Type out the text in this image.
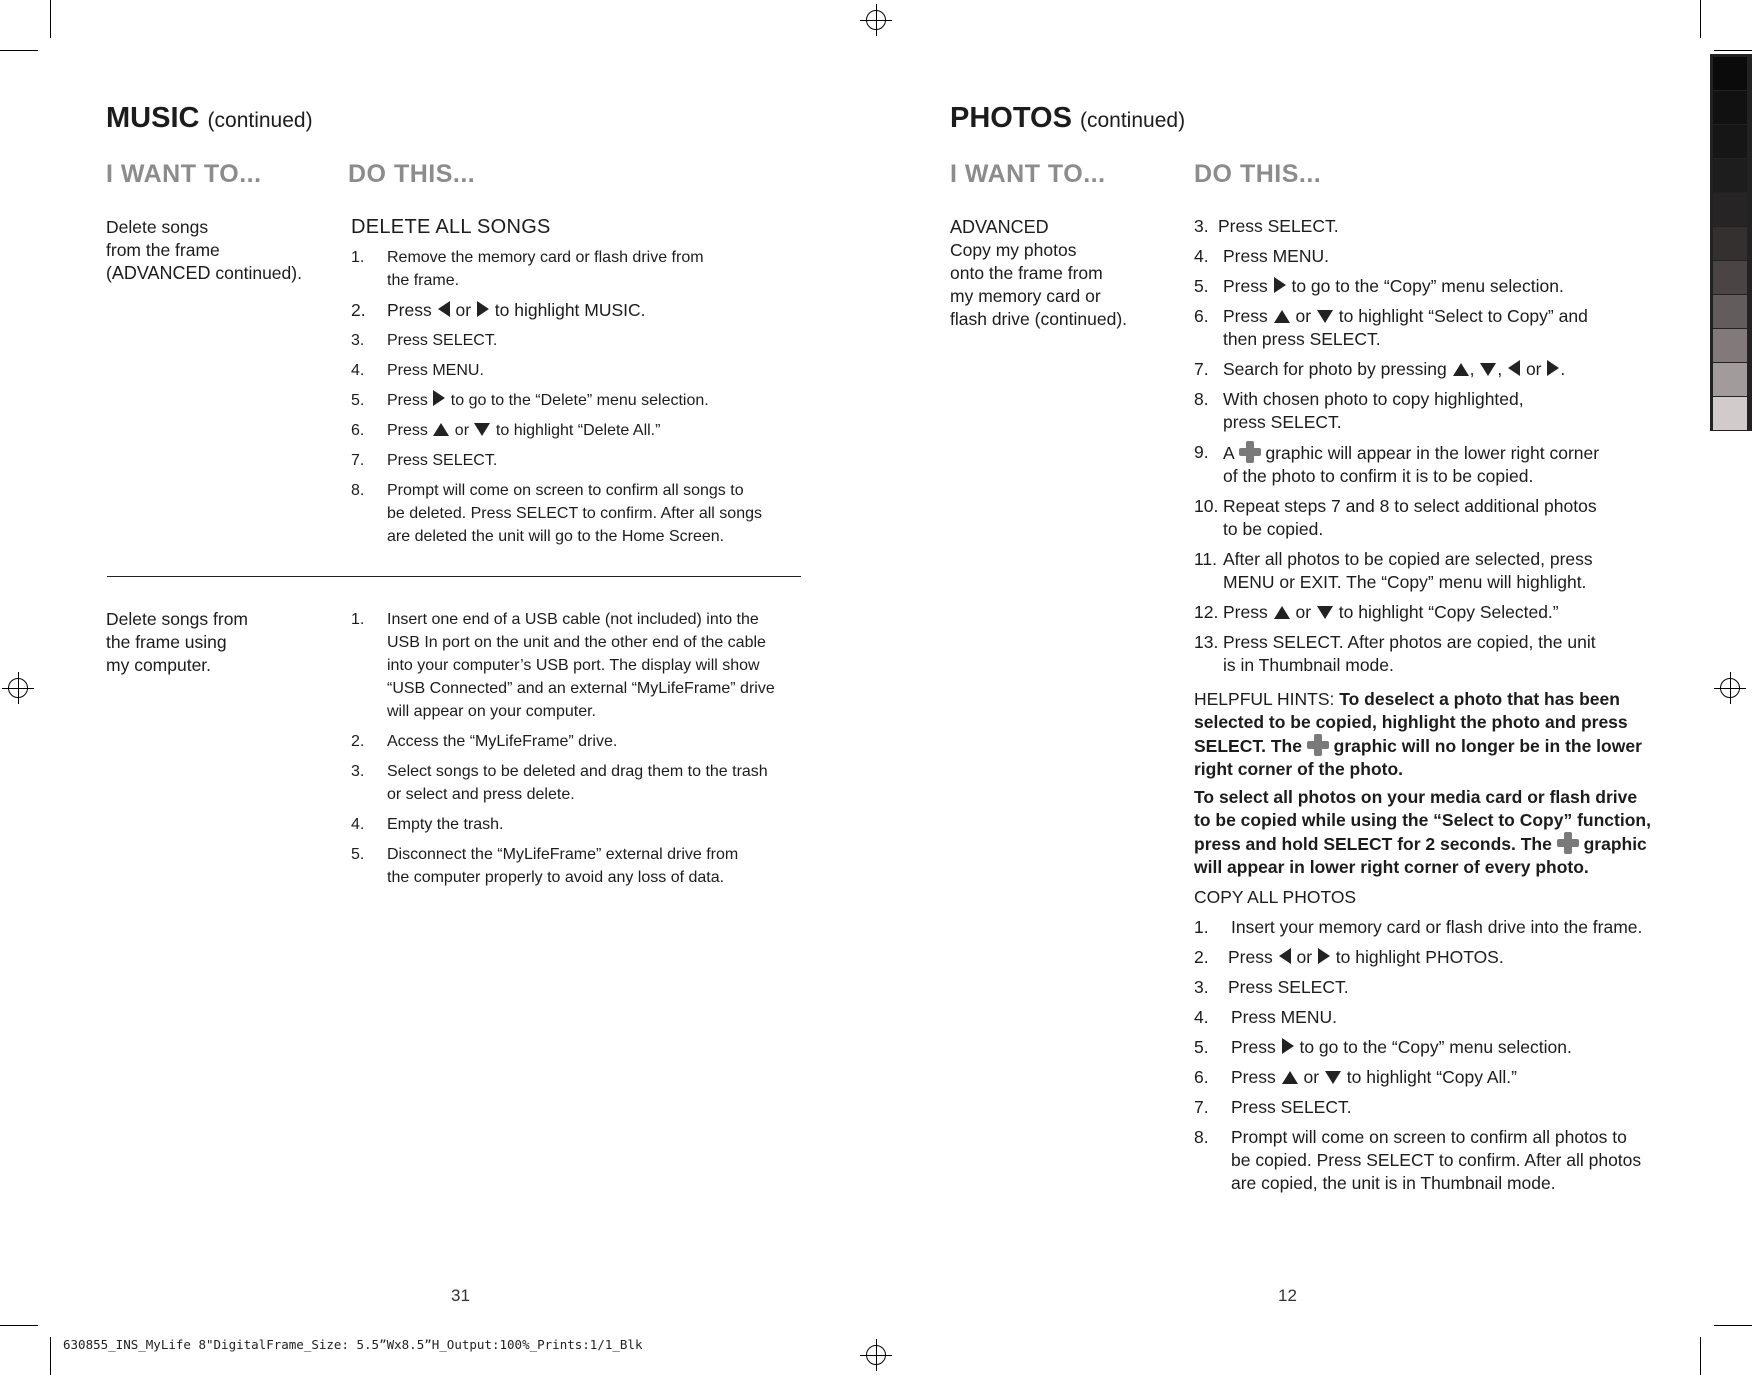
MUSIC (continued)
I WANT TO...	DO THIS...
Delete songs
from the frame
(ADVANCED continued).
DELETE ALL SONGS
1.	Remove the memory card or flash drive from
the frame.
2.	Press  or  to highlight MUSIC.
3.	Press SELECT.
4.	Press MENU.
5.	Press  to go to the “Delete” menu selection.
6.	Press  or  to highlight “Delete All.”
7.	Press SELECT.
8.	Prompt will come on screen to confirm all songs to
be deleted. Press SELECT to confirm. After all songs
are deleted the unit will go to the Home Screen.
Delete songs from
the frame using
my computer.
1.	Insert one end of a USB cable (not included) into the
USB In port on the unit and the other end of the cable
into your computer’s USB port. The display will show
“USB Connected” and an external “MyLifeFrame” drive
will appear on your computer.
2.	Access the “MyLifeFrame” drive.
3.	Select songs to be deleted and drag them to the trash
or select and press delete.
4.	Empty the trash.
5.	Disconnect the “MyLifeFrame” external drive from
the computer properly to avoid any loss of data.
31
PHOTOS (continued)
I WANT TO...	DO THIS...
ADVANCED
Copy my photos
onto the frame from
my memory card or
flash drive (continued).
3. Press SELECT.
4. Press MENU.
5. Press  to go to the “Copy” menu selection.
6. Press  or  to highlight “Select to Copy” and
then press SELECT.
7. Search for photo by pressing , ,  or .
8. With chosen photo to copy highlighted,
press SELECT.
9. A  graphic will appear in the lower right corner
of the photo to confirm it is to be copied.
10. Repeat steps 7 and 8 to select additional photos
to be copied.
11. After all photos to be copied are selected, press
MENU or EXIT. The “Copy” menu will highlight.
12. Press  or  to highlight “Copy Selected.”
13. Press SELECT. After photos are copied, the unit
is in Thumbnail mode.
HELPFUL HINTS: To deselect a photo that has been
selected to be copied, highlight the photo and press
SELECT. The  graphic will no longer be in the lower
right corner of the photo.
To select all photos on your media card or flash drive
to be copied while using the “Select to Copy” function,
press and hold SELECT for 2 seconds. The  graphic
will appear in lower right corner of every photo.
COPY ALL PHOTOS
1.	Insert your memory card or flash drive into the frame.
2.	Press  or  to highlight PHOTOS.
3.	Press SELECT.
4.	Press MENU.
5.	Press  to go to the “Copy” menu selection.
6.	Press  or  to highlight “Copy All.”
7.	Press SELECT.
8.	Prompt will come on screen to confirm all photos to
be copied. Press SELECT to confirm. After all photos
are copied, the unit is in Thumbnail mode.
12
630855_INS_MyLife 8"DigitalFrame_Size: 5.5”Wx8.5”H_Output:100%_Prints:1/1_Blk
